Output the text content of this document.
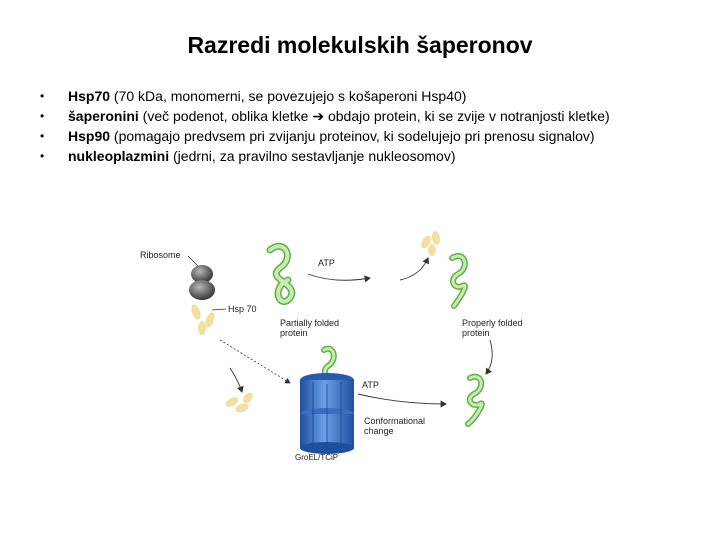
Razredi molekulskih šaperonov
• Hsp70 (70 kDa, monomerni, se povezujejo s košaperoni Hsp40)
• šaperonini (več podenot, oblika kletke ➔ obdajo protein, ki se zvije v notranjosti kletke)
• Hsp90 (pomagajo predvsem pri zvijanju proteinov, ki sodelujejo pri prenosu signalov)
• nukleoplazmini (jedrni, za pravilno sestavljanje nukleosomov)
Ribosome
Hsp 70
Partially folded
protein
ATP
Properly folded
protein
GroEL/TCiP
ATP
Conformational
change
